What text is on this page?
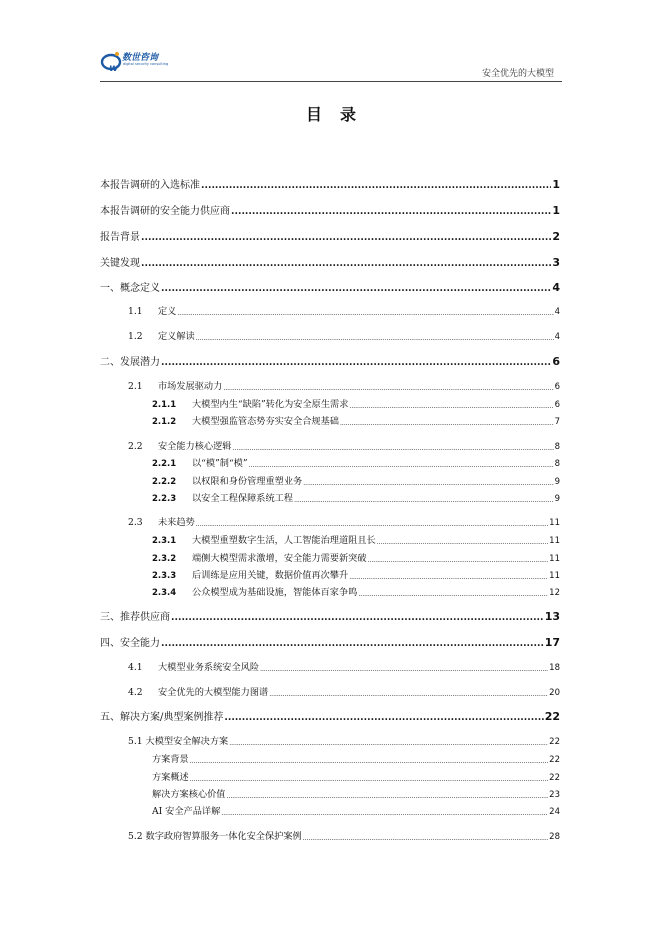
w
数世咨询
digital security consulting
安全优先的大模型
目录
本报告调研的入选标准 .....	1
本报告调研的安全能力供应商 .....	1
报告背景 .....	2
关键发现 .....	3
一、概念定义 .....	4
1.1 定义 .....	4
1.2 定义解读 .....	4
二、发展潜力 .....	6
2.1 市场发展驱动力 .....	6
2.1.1 大模型内生“缺陷”转化为安全原生需求 .....	6
2.1.2 大模型强监管态势夯实安全合规基础 .....	7
2.2 安全能力核心逻辑 .....	8
2.2.1 以“模”制“模” .....	8
2.2.2 以权限和身份管理重塑业务 .....	9
2.2.3 以安全工程保障系统工程 .....	9
2.3 未来趋势 .....	11
2.3.1 大模型重塑数字生活，人工智能治理道阻且长 .....	11
2.3.2 端侧大模型需求激增，安全能力需要新突破 .....	11
2.3.3 后训练是应用关键，数据价值再次攀升 .....	11
2.3.4 公众模型成为基础设施，智能体百家争鸣 .....	12
三、推荐供应商 .....	13
四、安全能力 .....	17
4.1 大模型业务系统安全风险 .....	18
4.2 安全优先的大模型能力图谱 .....	20
五、解决方案/典型案例推荐 .....	22
5.1 大模型安全解决方案 .....	22
方案背景 .....	22
方案概述 .....	22
解决方案核心价值 .....	23
AI 安全产品详解 .....	24
5.2 数字政府智算服务一体化安全保护案例 .....	28
